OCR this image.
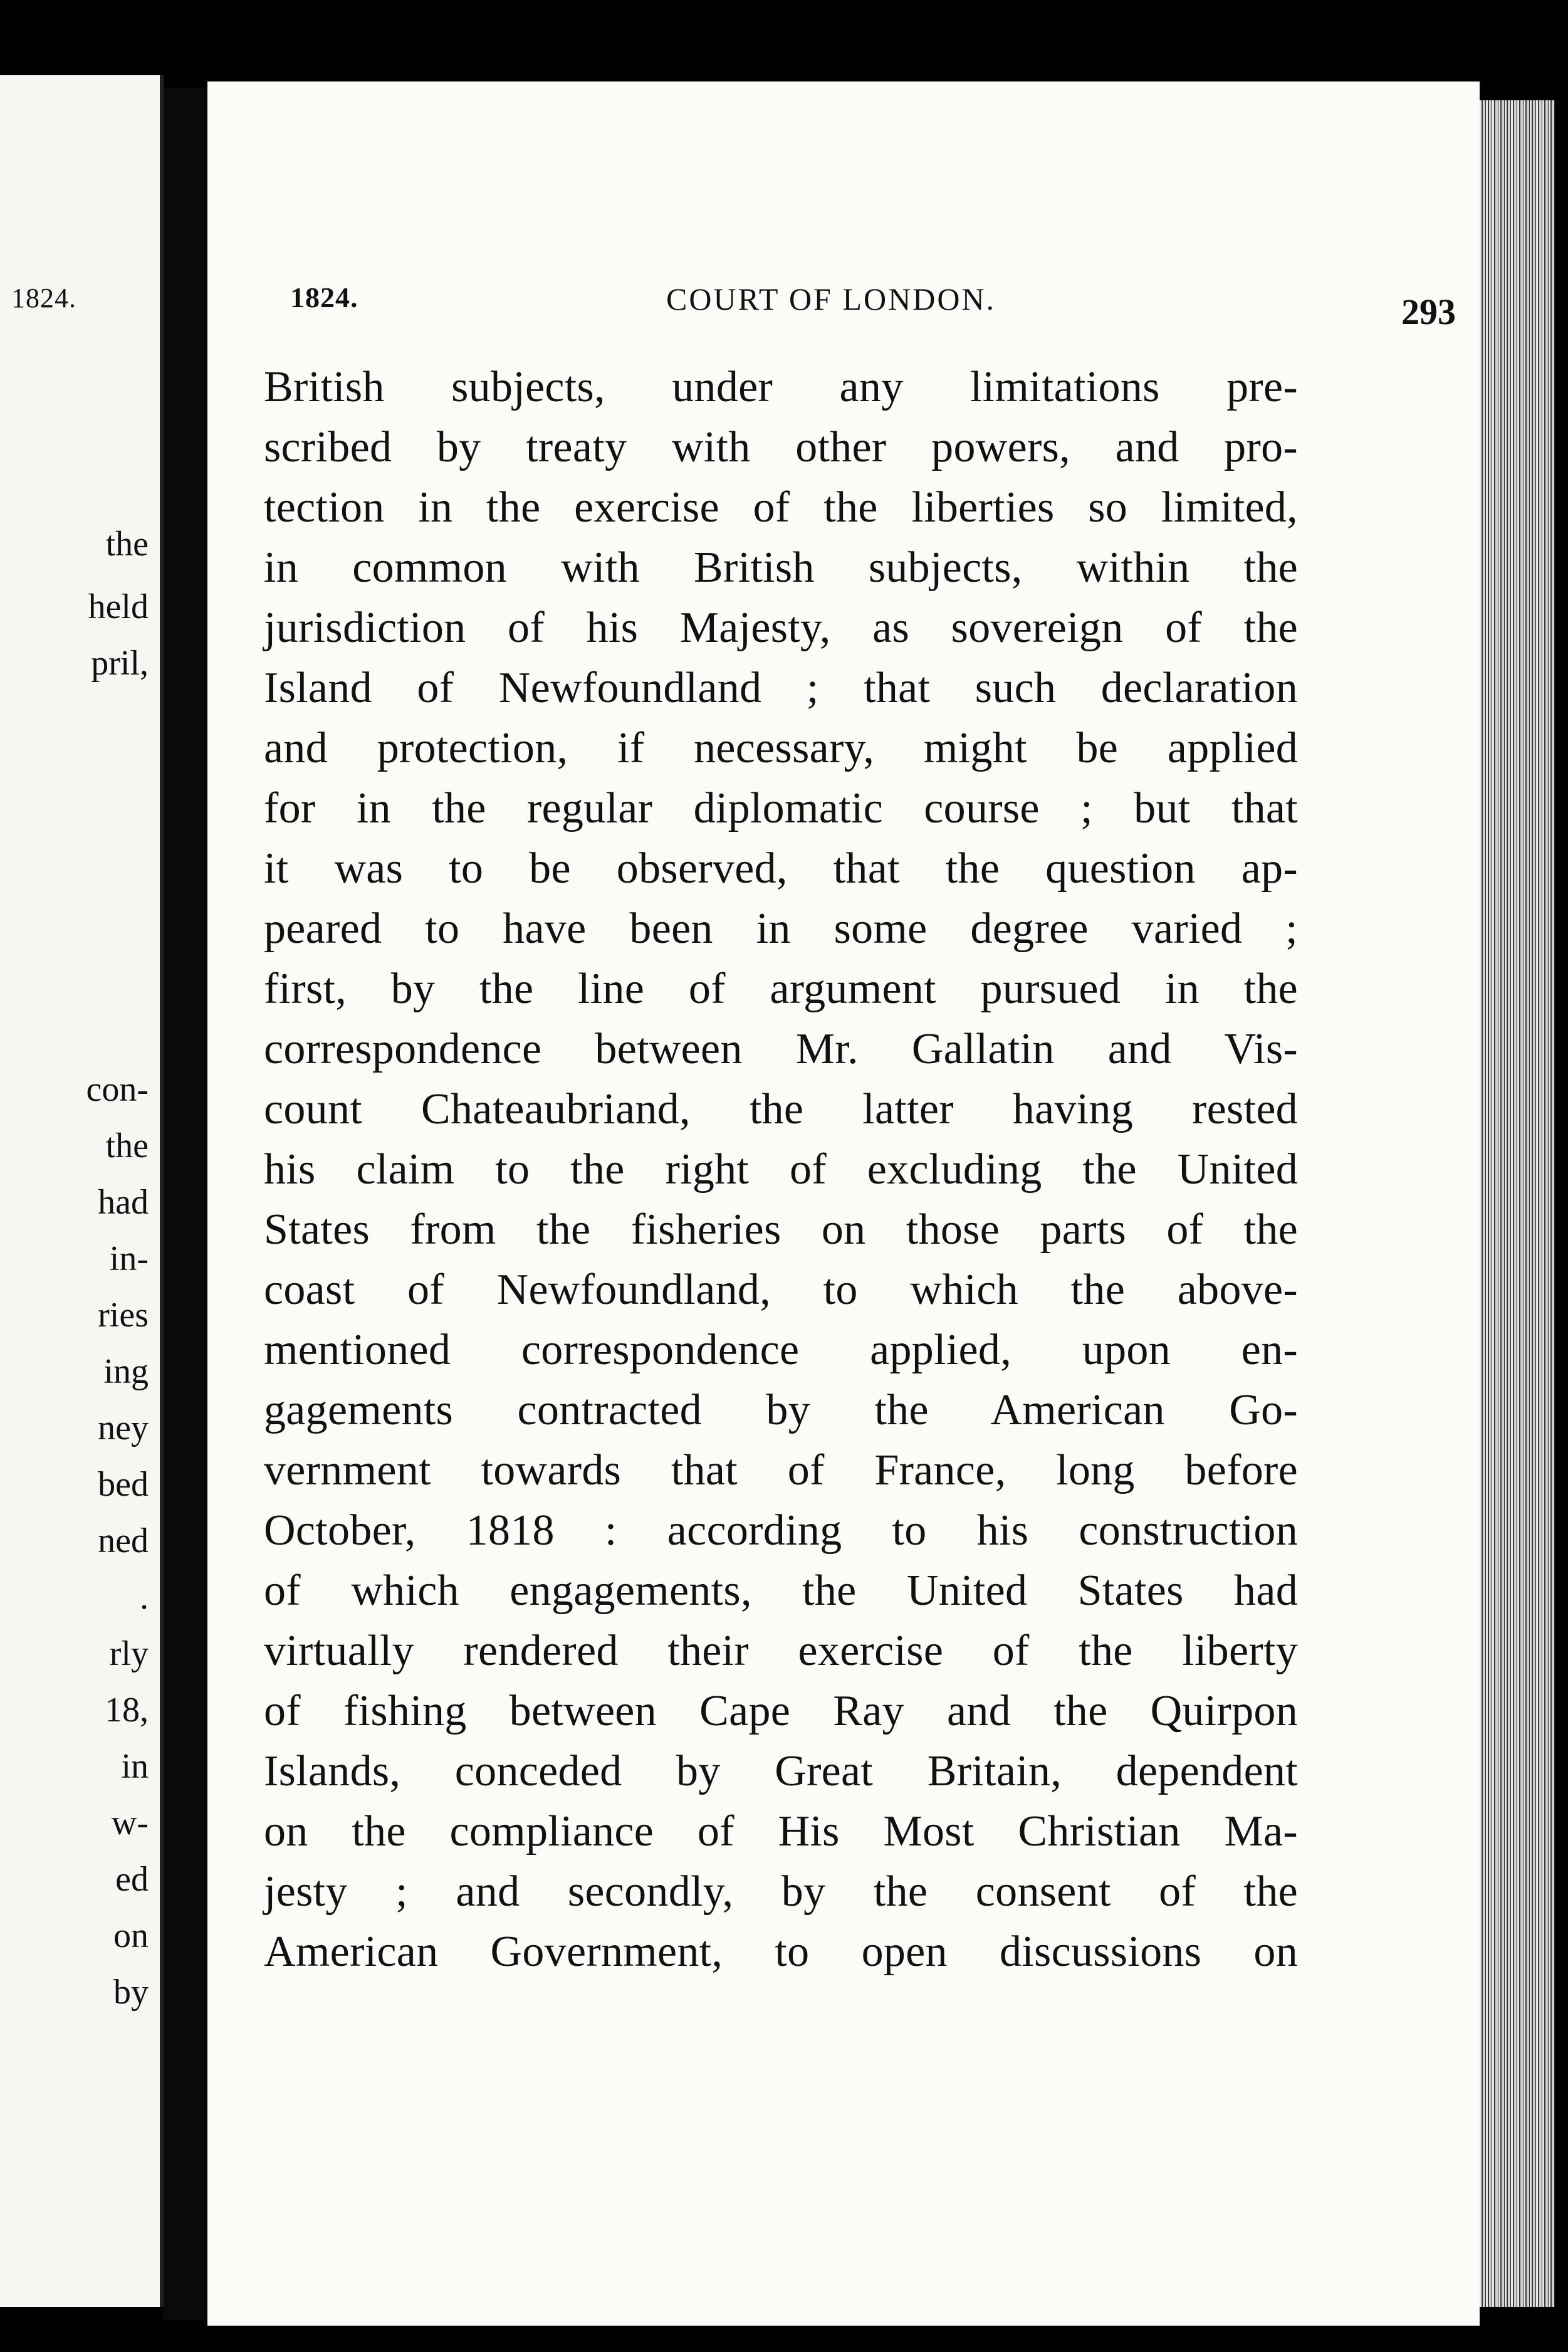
1824.
the
held
pril,
con-
the
had
in-
ries
ing
ney
bed
ned
.
rly
18,
in
w-
ed
on
by
1824.	COURT OF LONDON.	293
British subjects, under any limitations pre-
scribed by treaty with other powers, and pro-
tection in the exercise of the liberties so limited,
in common with British subjects, within the
jurisdiction of his Majesty, as sovereign of the
Island of Newfoundland ; that such declaration
and protection, if necessary, might be applied
for in the regular diplomatic course ; but that
it was to be observed, that the question ap-
peared to have been in some degree varied ;
first, by the line of argument pursued in the
correspondence between Mr. Gallatin and Vis-
count Chateaubriand, the latter having rested
his claim to the right of excluding the United
States from the fisheries on those parts of the
coast of Newfoundland, to which the above-
mentioned correspondence applied, upon en-
gagements contracted by the American Go-
vernment towards that of France, long before
October, 1818 : according to his construction
of which engagements, the United States had
virtually rendered their exercise of the liberty
of fishing between Cape Ray and the Quirpon
Islands, conceded by Great Britain, dependent
on the compliance of His Most Christian Ma-
jesty ; and secondly, by the consent of the
American Government, to open discussions on
